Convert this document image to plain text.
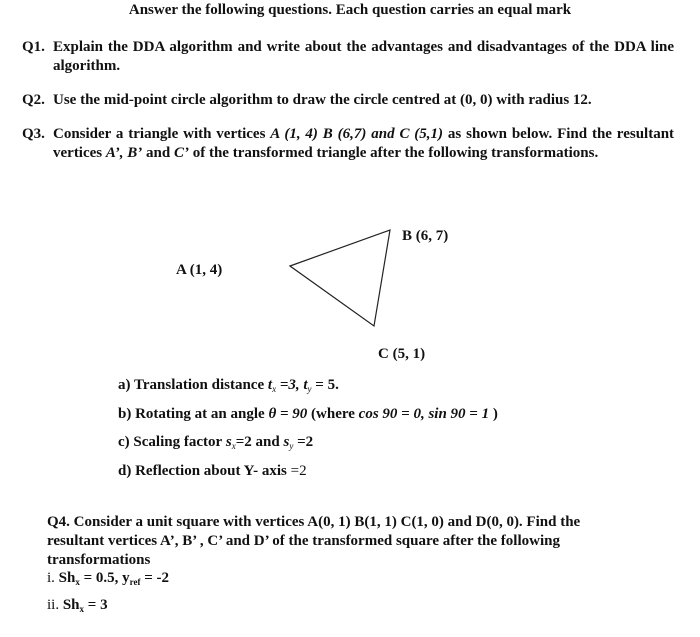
Answer the following questions. Each question carries an equal mark
Q1. Explain the DDA algorithm and write about the advantages and disadvantages of the DDA line algorithm.
Q2. Use the mid-point circle algorithm to draw the circle centred at (0, 0) with radius 12.
Q3. Consider a triangle with vertices A (1, 4) B (6,7) and C (5,1) as shown below. Find the resultant vertices A’, B’ and C’ of the transformed triangle after the following transformations.
B (6, 7)
A (1, 4)
C (5, 1)
a) Translation distance $t_x =3$, $t_y = 5$.
b) Rotating at an angle θ = 90 (where cos 90 = 0, sin 90 = 1 )
c) Scaling factor $s_x=2$ and $s_y =2$
d) Reflection about Y- axis =2
Q4. Consider a unit square with vertices A(0, 1) B(1, 1) C(1, 0) and D(0, 0). Find the resultant vertices A’, B’ , C’ and D’ of the transformed square after the following transformations
i. $Sh_x = 0.5$, $y_{ref} = -2$
ii. $Sh_x = 3$
